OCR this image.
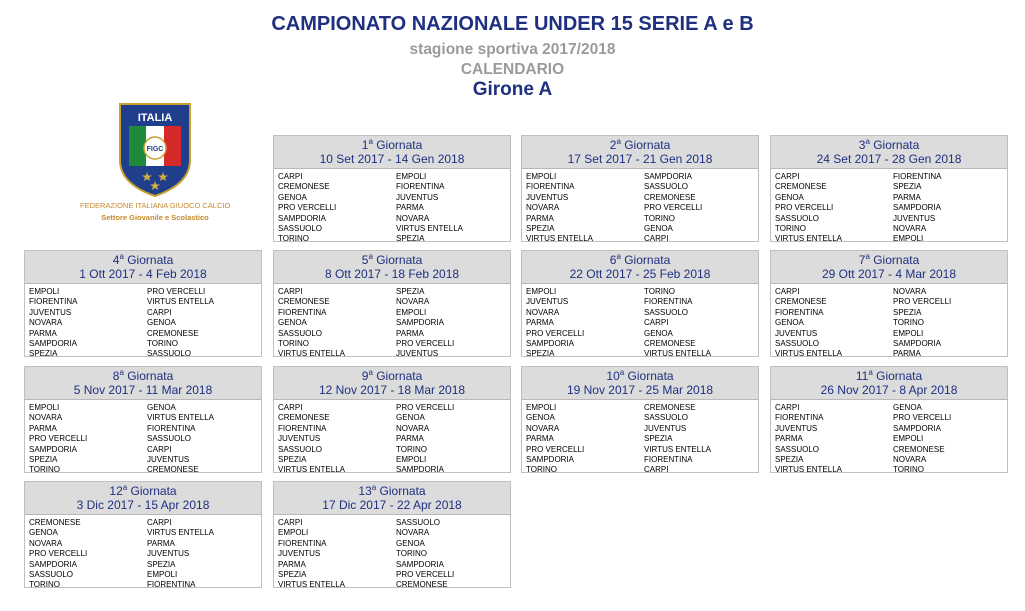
CAMPIONATO NAZIONALE UNDER 15 SERIE A e B
stagione sportiva 2017/2018
CALENDARIO
Girone A
FIGC
ITALIA
FEDERAZIONE ITALIANA GIUOCO CALCIO
Settore Giovanile e Scolastico
1$^a$ Giornata
10 Set 2017 - 14 Gen 2018
CARPI	EMPOLI
CREMONESE	FIORENTINA
GENOA	JUVENTUS
PRO VERCELLI	PARMA
SAMPDORIA	NOVARA
SASSUOLO	VIRTUS ENTELLA
TORINO	SPEZIA
2$^a$ Giornata
17 Set 2017 - 21 Gen 2018
EMPOLI	SAMPDORIA
FIORENTINA	SASSUOLO
JUVENTUS	CREMONESE
NOVARA	PRO VERCELLI
PARMA	TORINO
SPEZIA	GENOA
VIRTUS ENTELLA	CARPI
3$^a$ Giornata
24 Set 2017 - 28 Gen 2018
CARPI	FIORENTINA
CREMONESE	SPEZIA
GENOA	PARMA
PRO VERCELLI	SAMPDORIA
SASSUOLO	JUVENTUS
TORINO	NOVARA
VIRTUS ENTELLA	EMPOLI
4$^a$ Giornata
1 Ott 2017 - 4 Feb 2018
EMPOLI	PRO VERCELLI
FIORENTINA	VIRTUS ENTELLA
JUVENTUS	CARPI
NOVARA	GENOA
PARMA	CREMONESE
SAMPDORIA	TORINO
SPEZIA	SASSUOLO
5$^a$ Giornata
8 Ott 2017 - 18 Feb 2018
CARPI	SPEZIA
CREMONESE	NOVARA
FIORENTINA	EMPOLI
GENOA	SAMPDORIA
SASSUOLO	PARMA
TORINO	PRO VERCELLI
VIRTUS ENTELLA	JUVENTUS
6$^a$ Giornata
22 Ott 2017 - 25 Feb 2018
EMPOLI	TORINO
JUVENTUS	FIORENTINA
NOVARA	SASSUOLO
PARMA	CARPI
PRO VERCELLI	GENOA
SAMPDORIA	CREMONESE
SPEZIA	VIRTUS ENTELLA
7$^a$ Giornata
29 Ott 2017 - 4 Mar 2018
CARPI	NOVARA
CREMONESE	PRO VERCELLI
FIORENTINA	SPEZIA
GENOA	TORINO
JUVENTUS	EMPOLI
SASSUOLO	SAMPDORIA
VIRTUS ENTELLA	PARMA
8$^a$ Giornata
5 Nov 2017 - 11 Mar 2018
EMPOLI	GENOA
NOVARA	VIRTUS ENTELLA
PARMA	FIORENTINA
PRO VERCELLI	SASSUOLO
SAMPDORIA	CARPI
SPEZIA	JUVENTUS
TORINO	CREMONESE
9$^a$ Giornata
12 Nov 2017 - 18 Mar 2018
CARPI	PRO VERCELLI
CREMONESE	GENOA
FIORENTINA	NOVARA
JUVENTUS	PARMA
SASSUOLO	TORINO
SPEZIA	EMPOLI
VIRTUS ENTELLA	SAMPDORIA
10$^a$ Giornata
19 Nov 2017 - 25 Mar 2018
EMPOLI	CREMONESE
GENOA	SASSUOLO
NOVARA	JUVENTUS
PARMA	SPEZIA
PRO VERCELLI	VIRTUS ENTELLA
SAMPDORIA	FIORENTINA
TORINO	CARPI
11$^a$ Giornata
26 Nov 2017 - 8 Apr 2018
CARPI	GENOA
FIORENTINA	PRO VERCELLI
JUVENTUS	SAMPDORIA
PARMA	EMPOLI
SASSUOLO	CREMONESE
SPEZIA	NOVARA
VIRTUS ENTELLA	TORINO
12$^a$ Giornata
3 Dic 2017 - 15 Apr 2018
CREMONESE	CARPI
GENOA	VIRTUS ENTELLA
NOVARA	PARMA
PRO VERCELLI	JUVENTUS
SAMPDORIA	SPEZIA
SASSUOLO	EMPOLI
TORINO	FIORENTINA
13$^a$ Giornata
17 Dic 2017 - 22 Apr 2018
CARPI	SASSUOLO
EMPOLI	NOVARA
FIORENTINA	GENOA
JUVENTUS	TORINO
PARMA	SAMPDORIA
SPEZIA	PRO VERCELLI
VIRTUS ENTELLA	CREMONESE
